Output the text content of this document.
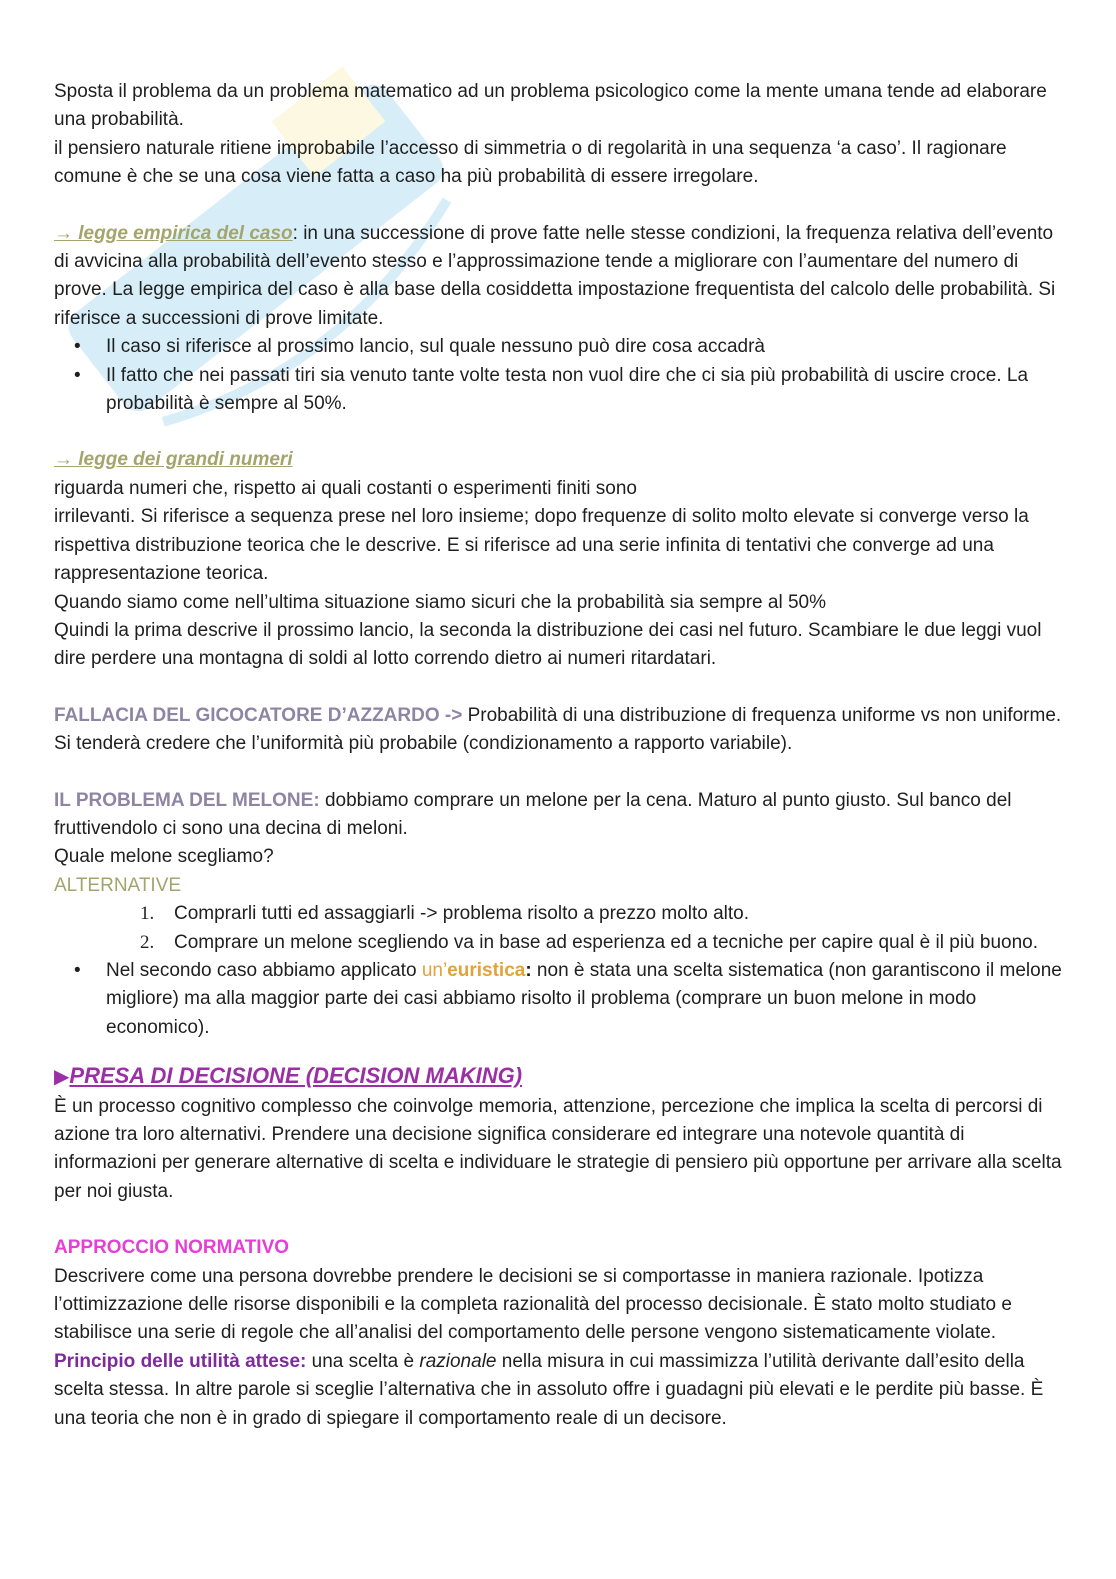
Sposta il problema da un problema matematico ad un problema psicologico come la mente umana tende ad elaborare una probabilità.

il pensiero naturale ritiene improbabile l’accesso di simmetria o di regolarità in una sequenza ‘a caso’. Il ragionare comune è che se una cosa viene fatta a caso ha più probabilità di essere irregolare.

→ legge empirica del caso: in una successione di prove fatte nelle stesse condizioni, la frequenza relativa dell’evento di avvicina alla probabilità dell’evento stesso e l’approssimazione tende a migliorare con l’aumentare del numero di prove. La legge empirica del caso è alla base della cosiddetta impostazione frequentista del calcolo delle probabilità. Si riferisce a successioni di prove limitate.

• Il caso si riferisce al prossimo lancio, sul quale nessuno può dire cosa accadrà
• Il fatto che nei passati tiri sia venuto tante volte testa non vuol dire che ci sia più probabilità di uscire croce. La probabilità è sempre al 50%.

→ legge dei grandi numeri

riguarda numeri che, rispetto ai quali costanti o esperimenti finiti sono

irrilevanti. Si riferisce a sequenza prese nel loro insieme; dopo frequenze di solito molto elevate si converge verso la rispettiva distribuzione teorica che le descrive. E si riferisce ad una serie infinita di tentativi che converge ad una rappresentazione teorica.

Quando siamo come nell’ultima situazione siamo sicuri che la probabilità sia sempre al 50%

Quindi la prima descrive il prossimo lancio, la seconda la distribuzione dei casi nel futuro. Scambiare le due leggi vuol dire perdere una montagna di soldi al lotto correndo dietro ai numeri ritardatari.

FALLACIA DEL GICOCATORE D’AZZARDO -> Probabilità di una distribuzione di frequenza uniforme vs non uniforme. Si tenderà credere che l’uniformità più probabile (condizionamento a rapporto variabile).

IL PROBLEMA DEL MELONE: dobbiamo comprare un melone per la cena. Maturo al punto giusto. Sul banco del fruttivendolo ci sono una decina di meloni.

Quale melone scegliamo?

ALTERNATIVE

1. Comprarli tutti ed assaggiarli -> problema risolto a prezzo molto alto.
2. Comprare un melone scegliendo va in base ad esperienza ed a tecniche per capire qual è il più buono.
• Nel secondo caso abbiamo applicato un’euristica: non è stata una scelta sistematica (non garantiscono il melone migliore) ma alla maggior parte dei casi abbiamo risolto il problema (comprare un buon melone in modo economico).

▶PRESA DI DECISIONE (DECISION MAKING)

È un processo cognitivo complesso che coinvolge memoria, attenzione, percezione che implica la scelta di percorsi di azione tra loro alternativi. Prendere una decisione significa considerare ed integrare una notevole quantità di informazioni per generare alternative di scelta e individuare le strategie di pensiero più opportune per arrivare alla scelta per noi giusta.

APPROCCIO NORMATIVO

Descrivere come una persona dovrebbe prendere le decisioni se si comportasse in maniera razionale. Ipotizza l’ottimizzazione delle risorse disponibili e la completa razionalità del processo decisionale. È stato molto studiato e stabilisce una serie di regole che all’analisi del comportamento delle persone vengono sistematicamente violate.

Principio delle utilità attese: una scelta è razionale nella misura in cui massimizza l’utilità derivante dall’esito della scelta stessa. In altre parole si sceglie l’alternativa che in assoluto offre i guadagni più elevati e le perdite più basse. È una teoria che non è in grado di spiegare il comportamento reale di un decisore.
